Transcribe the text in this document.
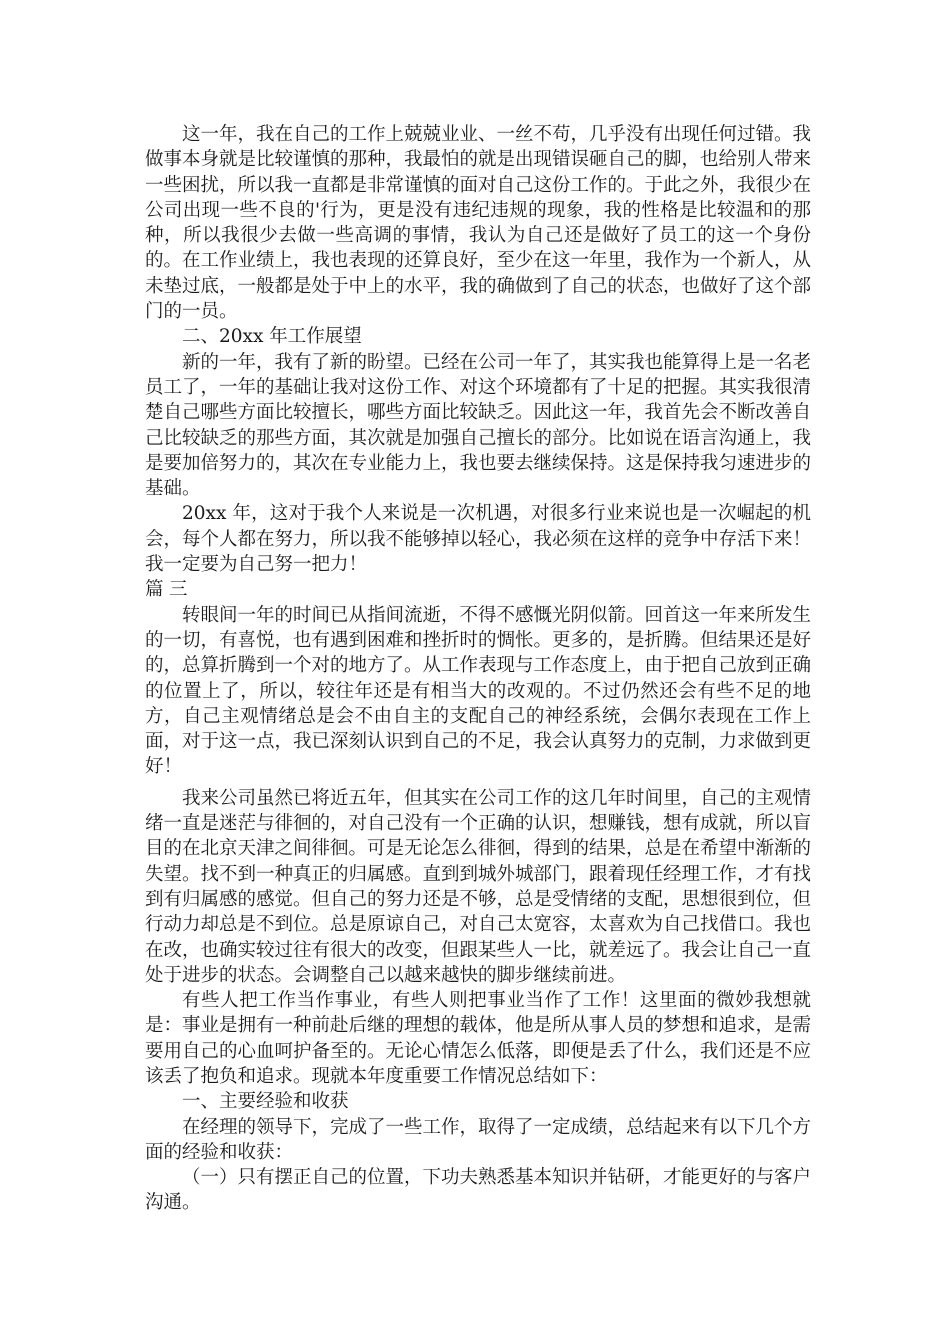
这一年，我在自己的工作上兢兢业业、一丝不苟，几乎没有出现任何过错。我做事本身就是比较谨慎的那种，我最怕的就是出现错误砸自己的脚，也给别人带来一些困扰，所以我一直都是非常谨慎的面对自己这份工作的。于此之外，我很少在公司出现一些不良的'行为，更是没有违纪违规的现象，我的性格是比较温和的那种，所以我很少去做一些高调的事情，我认为自己还是做好了员工的这一个身份的。在工作业绩上，我也表现的还算良好，至少在这一年里，我作为一个新人，从未垫过底，一般都是处于中上的水平，我的确做到了自己的状态，也做好了这个部门的一员。

二、20xx 年工作展望

新的一年，我有了新的盼望。已经在公司一年了，其实我也能算得上是一名老员工了，一年的基础让我对这份工作、对这个环境都有了十足的把握。其实我很清楚自己哪些方面比较擅长，哪些方面比较缺乏。因此这一年，我首先会不断改善自己比较缺乏的那些方面，其次就是加强自己擅长的部分。比如说在语言沟通上，我是要加倍努力的，其次在专业能力上，我也要去继续保持。这是保持我匀速进步的基础。

20xx 年，这对于我个人来说是一次机遇，对很多行业来说也是一次崛起的机会，每个人都在努力，所以我不能够掉以轻心，我必须在这样的竞争中存活下来！我一定要为自己努一把力！

篇三

转眼间一年的时间已从指间流逝，不得不感慨光阴似箭。回首这一年来所发生的一切，有喜悦，也有遇到困难和挫折时的惆怅。更多的，是折腾。但结果还是好的，总算折腾到一个对的地方了。从工作表现与工作态度上，由于把自己放到正确的位置上了，所以，较往年还是有相当大的改观的。不过仍然还会有些不足的地方，自己主观情绪总是会不由自主的支配自己的神经系统，会偶尔表现在工作上面，对于这一点，我已深刻认识到自己的不足，我会认真努力的克制，力求做到更好！

我来公司虽然已将近五年，但其实在公司工作的这几年时间里，自己的主观情绪一直是迷茫与徘徊的，对自己没有一个正确的认识，想赚钱，想有成就，所以盲目的在北京天津之间徘徊。可是无论怎么徘徊，得到的结果，总是在希望中渐渐的失望。找不到一种真正的归属感。直到到城外城部门，跟着现任经理工作，才有找到有归属感的感觉。但自己的努力还是不够，总是受情绪的支配，思想很到位，但行动力却总是不到位。总是原谅自己，对自己太宽容，太喜欢为自己找借口。我也在改，也确实较过往有很大的改变，但跟某些人一比，就差远了。我会让自己一直处于进步的状态。会调整自己以越来越快的脚步继续前进。

有些人把工作当作事业，有些人则把事业当作了工作！这里面的微妙我想就是：事业是拥有一种前赴后继的理想的载体，他是所从事人员的梦想和追求，是需要用自己的心血呵护备至的。无论心情怎么低落，即便是丢了什么，我们还是不应该丢了抱负和追求。现就本年度重要工作情况总结如下：

一、主要经验和收获

在经理的领导下，完成了一些工作，取得了一定成绩，总结起来有以下几个方面的经验和收获：

（一）只有摆正自己的位置，下功夫熟悉基本知识并钻研，才能更好的与客户沟通。
